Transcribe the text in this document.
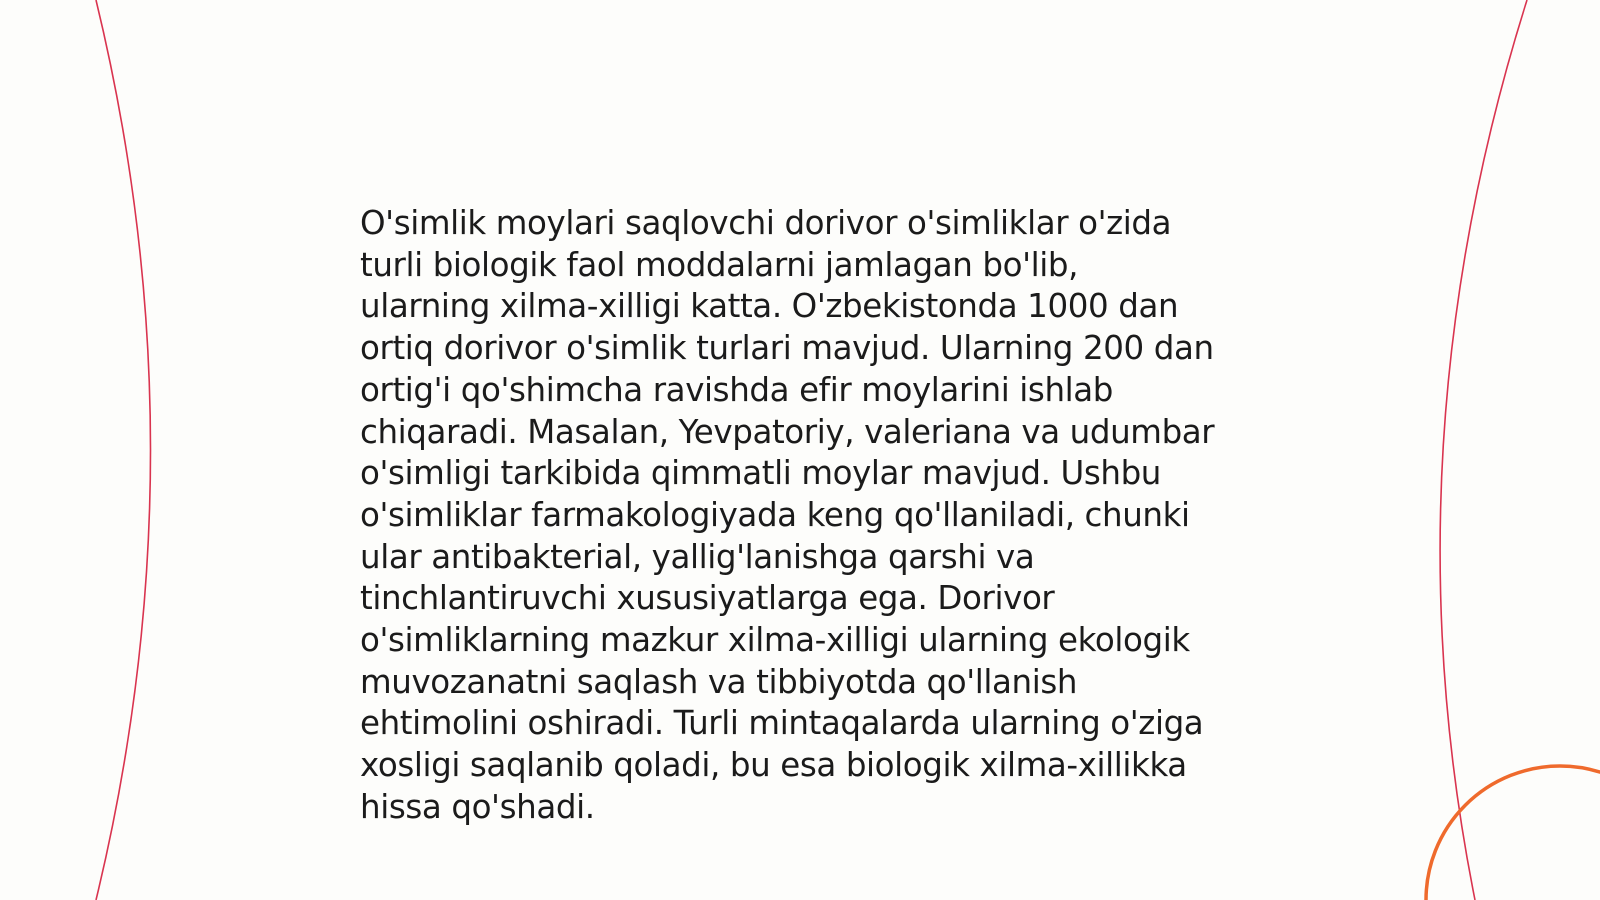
O'simlik moylari saqlovchi dorivor o'simliklar o'zida
turli biologik faol moddalarni jamlagan bo'lib,
ularning xilma-xilligi katta. O'zbekistonda 1000 dan
ortiq dorivor o'simlik turlari mavjud. Ularning 200 dan
ortig'i qo'shimcha ravishda efir moylarini ishlab
chiqaradi. Masalan, Yevpatoriy, valeriana va udumbar
o'simligi tarkibida qimmatli moylar mavjud. Ushbu
o'simliklar farmakologiyada keng qo'llaniladi, chunki
ular antibakterial, yallig'lanishga qarshi va
tinchlantiruvchi xususiyatlarga ega. Dorivor
o'simliklarning mazkur xilma-xilligi ularning ekologik
muvozanatni saqlash va tibbiyotda qo'llanish
ehtimolini oshiradi. Turli mintaqalarda ularning o'ziga
xosligi saqlanib qoladi, bu esa biologik xilma-xillikka
hissa qo'shadi.
